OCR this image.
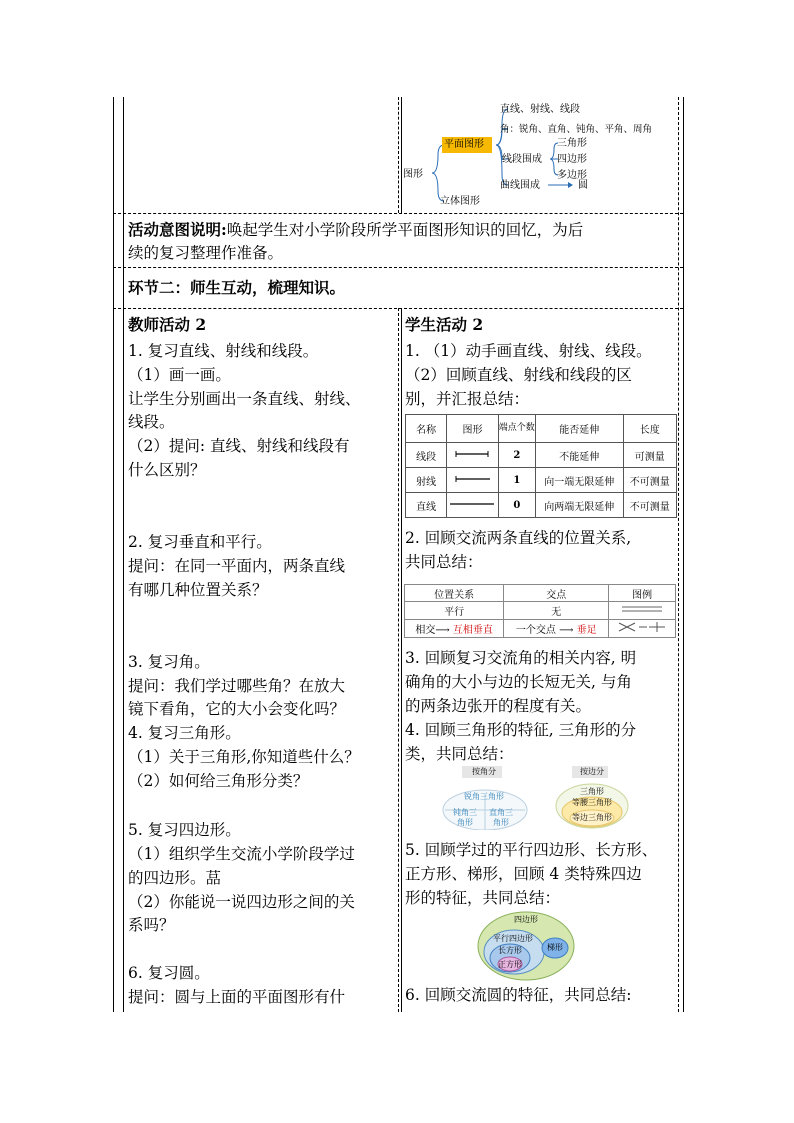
图形
平面图形
立体图形
直线、射线、线段
角：锐角、直角、钝角、平角、周角
线段围成
曲线围成
三角形
四边形
多边形
圆
活动意图说明:唤起学生对小学阶段所学平面图形知识的回忆，为后
续的复习整理作准备。
环节二：师生互动，梳理知识。
教师活动 2
1. 复习直线、射线和线段。
（1）画一画。
让学生分别画出一条直线、射线、
线段。
（2）提问: 直线、射线和线段有
什么区别？
2. 复习垂直和平行。
提问：在同一平面内，两条直线
有哪几种位置关系？
3. 复习角。
提问：我们学过哪些角？在放大
镜下看角，它的大小会变化吗？
4. 复习三角形。
（1）关于三角形,你知道些什么？
（2）如何给三角形分类？
5. 复习四边形。
（1）组织学生交流小学阶段学过
的四边形。䓵
（2）你能说一说四边形之间的关
系吗？
6. 复习圆。
提问：圆与上面的平面图形有什
学生活动 2
1. （1）动手画直线、射线、线段。
（2）回顾直线、射线和线段的区
别，并汇报总结：
名称	图形	端点个数	能否延伸	长度
线段		2	不能延伸	可测量
射线		1	向一端无限延伸	不可测量
直线		0	向两端无限延伸	不可测量
2. 回顾交流两条直线的位置关系,
共同总结：
位置关系	交点	图例
平行	无	
相交⟶ 互相垂直	一个交点 ⟶ 垂足	
3. 回顾复习交流角的相关内容, 明
确角的大小与边的长短无关, 与角
的两条边张开的程度有关。
4. 回顾三角形的特征, 三角形的分
类，共同总结：
按角分
锐角三角形
钝角三角形
直角三角形
按边分
三角形
等腰三角形
等边三角形
5. 回顾学过的平行四边形、长方形、
正方形、梯形，回顾 4 类特殊四边
形的特征，共同总结：
四边形
平行四边形
长方形
正方形
梯形
6. 回顾交流圆的特征，共同总结:
